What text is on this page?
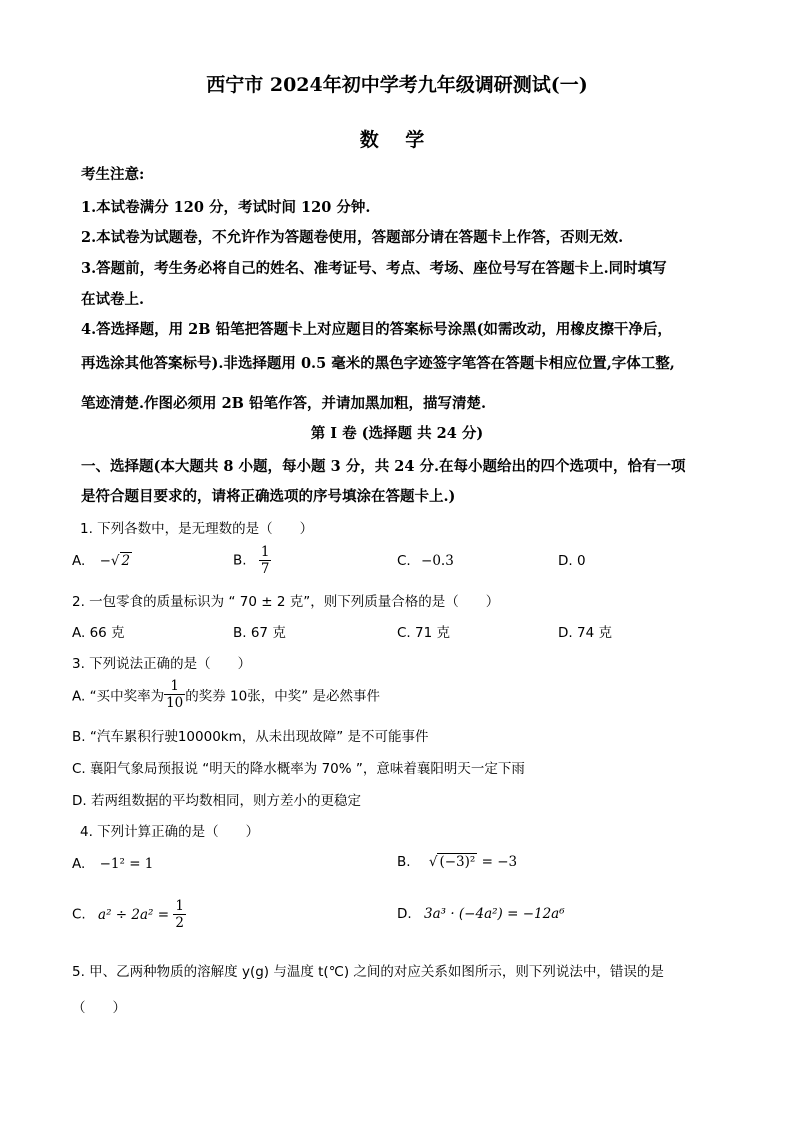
西宁市 2024年初中学考九年级调研测试(一)
数 学
考生注意:
1.本试卷满分 120 分，考试时间 120 分钟.
2.本试卷为试题卷，不允许作为答题卷使用，答题部分请在答题卡上作答，否则无效.
3.答题前，考生务必将自己的姓名、准考证号、考点、考场、座位号写在答题卡上.同时填写
在试卷上.
4.答选择题，用 2B 铅笔把答题卡上对应题目的答案标号涂黑(如需改动，用橡皮擦干净后，
再选涂其他答案标号).非选择题用 0.5 毫米的黑色字迹签字笔答在答题卡相应位置,字体工整,
笔迹清楚.作图必须用 2B 铅笔作答，并请加黑加粗，描写清楚.
第 I 卷 (选择题 共 24 分)
一、选择题(本大题共 8 小题，每小题 3 分，共 24 分.在每小题给出的四个选项中，恰有一项
是符合题目要求的，请将正确选项的序号填涂在答题卡上.)
1. 下列各数中，是无理数的是（　　）
A. −√ 2	B. $\frac{1}{7}$	C. −0.3	D. 0
2. 一包零食的质量标识为 “ 70 ± 2 克”，则下列质量合格的是（　　）
A. 66 克	B. 67 克	C. 71 克	D. 74 克
3. 下列说法正确的是（　　）
A. “买中奖率为 $\frac{1}{10}$ 的奖券 10张，中奖” 是必然事件
B. “汽车累积行驶10000km，从未出现故障” 是不可能事件
C. 襄阳气象局预报说 “明天的降水概率为 70% ”，意味着襄阳明天一定下雨
D. 若两组数据的平均数相同，则方差小的更稳定
4. 下列计算正确的是（　　）
A. −1² = 1	B. √ (−3)² = −3
C. $a^2 \div 2a^2 = \frac{1}{2}$	D. 3a³ · (−4a²) = −12a⁶
5. 甲、乙两种物质的溶解度 y(g) 与温度 t(℃) 之间的对应关系如图所示，则下列说法中，错误的是
（　　）
